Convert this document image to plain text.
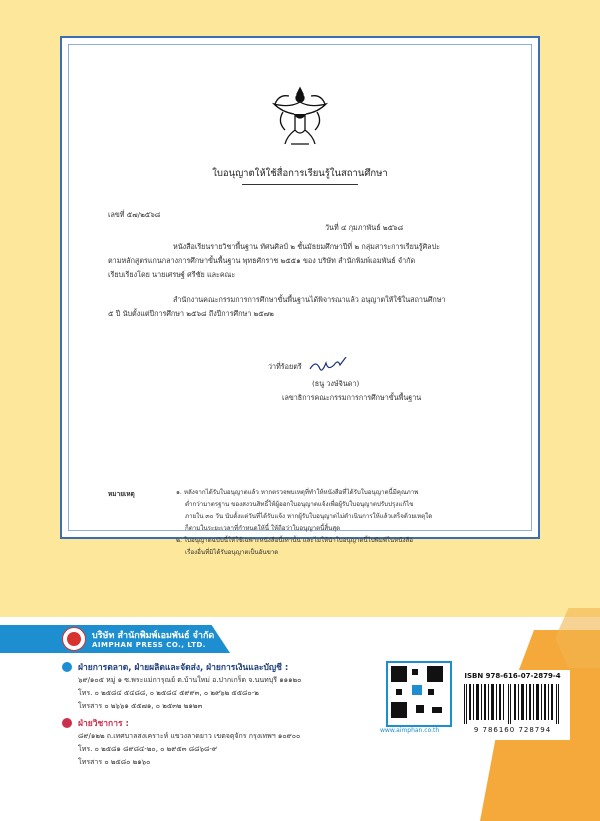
ใบอนุญาตให้ใช้สื่อการเรียนรู้ในสถานศึกษา
เลขที่ ๕๗/๒๕๖๘
วันที่ ๔ กุมภาพันธ์ ๒๕๖๘
หนังสือเรียนรายวิชาพื้นฐาน ทัศนศิลป์ ๒ ชั้นมัธยมศึกษาปีที่ ๒ กลุ่มสาระการเรียนรู้ศิลปะ
ตามหลักสูตรแกนกลางการศึกษาขั้นพื้นฐาน พุทธศักราช ๒๕๕๑ ของ บริษัท สำนักพิมพ์เอมพันธ์ จำกัด
เรียบเรียงโดย นายเศรษฐ์ ศรีชัย และคณะ
สำนักงานคณะกรรมการการศึกษาขั้นพื้นฐานได้พิจารณาแล้ว อนุญาตให้ใช้ในสถานศึกษา
๕ ปี นับตั้งแต่ปีการศึกษา ๒๕๖๘ ถึงปีการศึกษา ๒๕๗๒
ว่าที่ร้อยตรี
(ธนู วงษ์จินดา)
เลขาธิการคณะกรรมการการศึกษาขั้นพื้นฐาน
หมายเหตุ	๑. หลังจากได้รับใบอนุญาตแล้ว หากตรวจพบเหตุที่ทำให้หนังสือที่ได้รับใบอนุญาตนี้มีคุณภาพ
ต่ำกว่ามาตรฐาน ของสงวนสิทธิ์ให้ผู้ออกใบอนุญาตแจ้งเพื่อผู้รับใบอนุญาตปรับปรุงแก้ไข
ภายใน ๓๐ วัน นับตั้งแต่วันที่ได้รับแจ้ง หากผู้รับใบอนุญาตไม่ดำเนินการให้แล้วเสร็จด้วยเหตุใด
ก็ตามในระยะเวลาที่กำหนดให้นี้ ให้ถือว่าใบอนุญาตนี้สิ้นสุด
๒. ใบอนุญาตฉบับนี้ให้ใช้เฉพาะหนังสือนี้เท่านั้น และไม่ให้นำใบอนุญาตนี้ไปพิมพ์ในหนังสือ
เรื่องอื่นที่มิได้รับอนุญาตเป็นอันขาด
บริษัท สำนักพิมพ์เอมพันธ์ จำกัด
AIMPHAN PRESS CO., LTD.
ฝ่ายการตลาด, ฝ่ายผลิตและจัดส่ง, ฝ่ายการเงินและบัญชี :
๖๙/๑๐๕ หมู่ ๑ ซ.พระแม่การุณย์ ต.บ้านใหม่ อ.ปากเกร็ด จ.นนทบุรี ๑๑๑๒๐
โทร. ๐ ๒๕๘๔ ๕๔๘๘, ๐ ๒๕๘๔ ๕๙๙๓, ๐ ๒๙๖๒ ๕๕๘๐-๒
โทรสาร ๐ ๒๖๖๑ ๕๕๗๑, ๐ ๒๕๓๒ ๒๑๒๓
ฝ่ายวิชาการ :
๘๙/๑๒๒ ถ.เทศบาลสงเคราะห์ แขวงลาดยาว เขตจตุจักร กรุงเทพฯ ๑๐๙๐๐
โทร. ๐ ๒๕๘๑ ๘๙๘๔-๒๐, ๐ ๒๙๕๓ ๘๘๖๘-๙
โทรสาร ๐ ๒๕๘๐ ๒๑๖๐
www.aimphan.co.th
ISBN 978-616-07-2879-4
9 786160 728794
